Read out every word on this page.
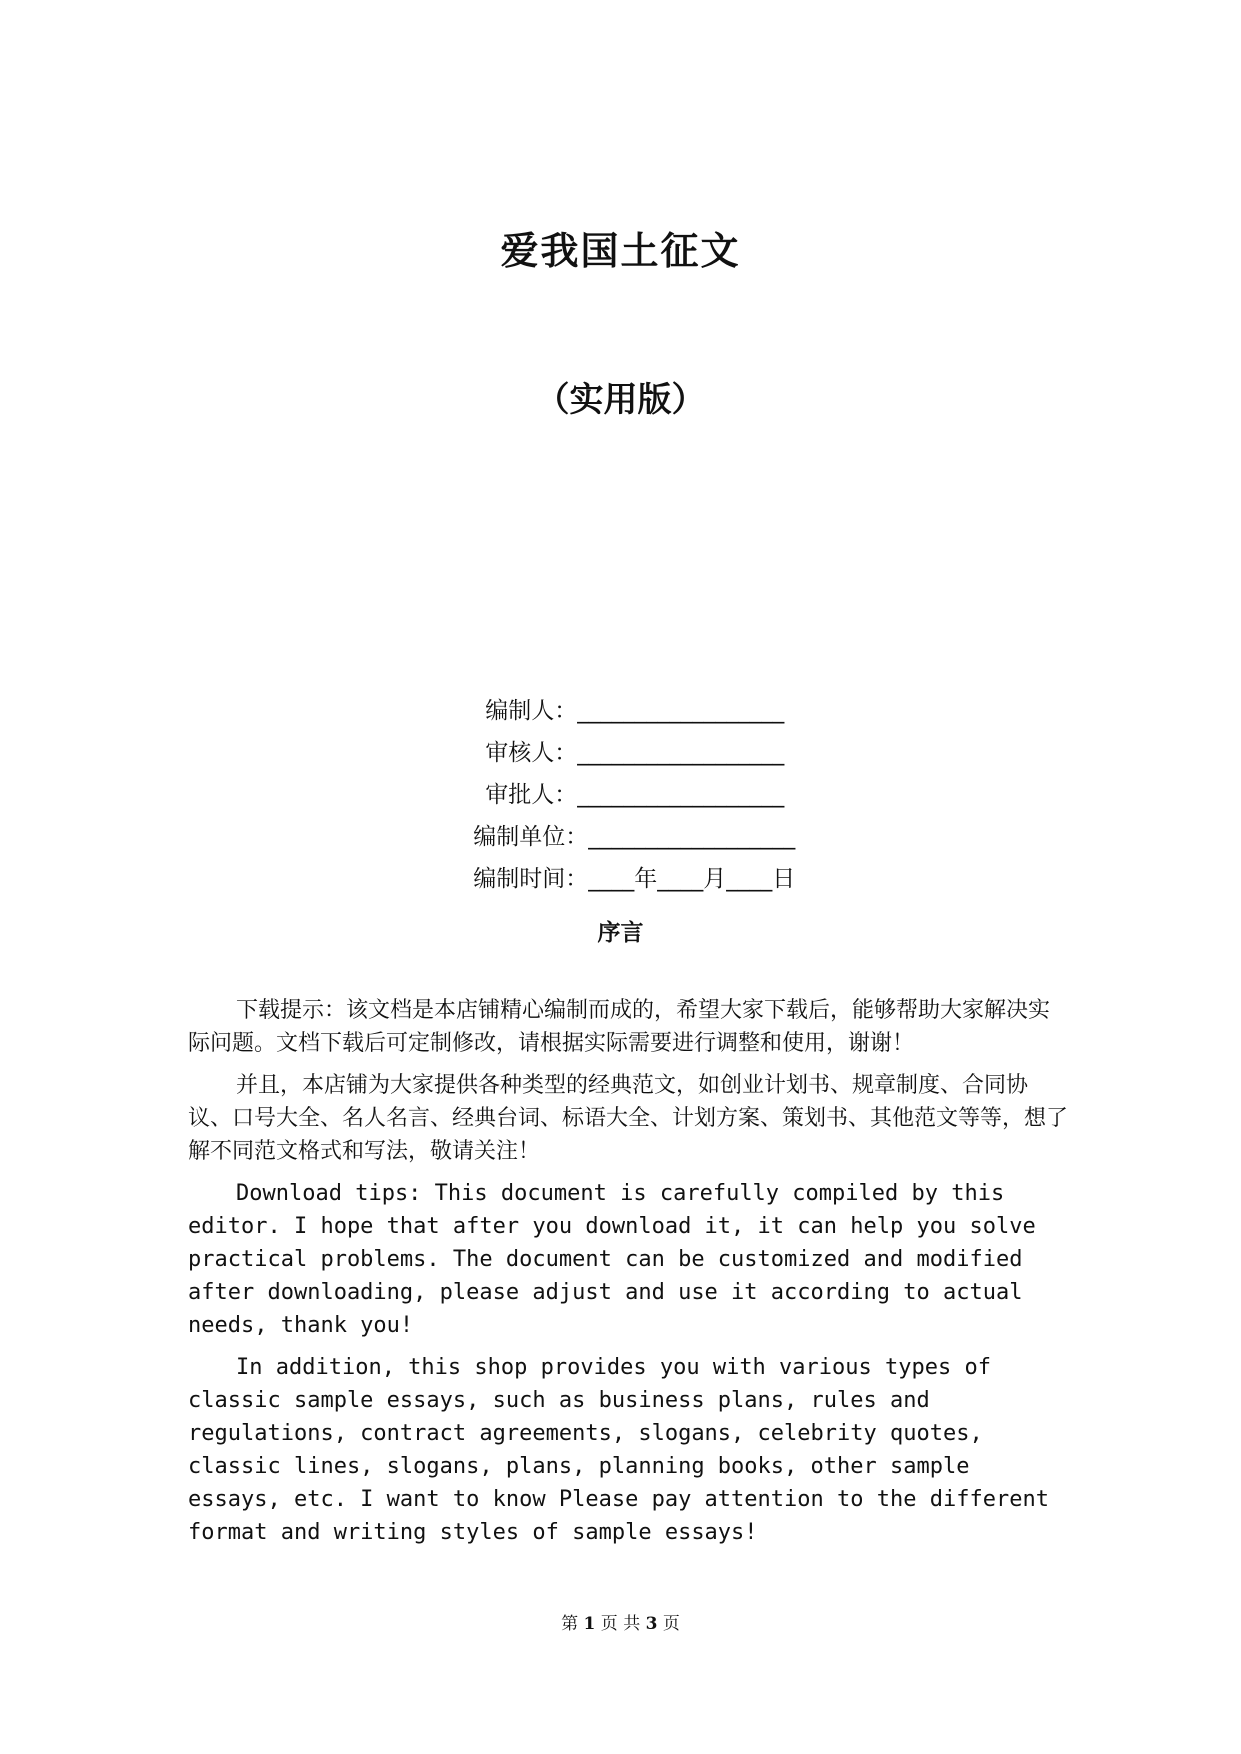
爱我国土征文
（实用版）

编制人：__________________

审核人：__________________

审批人：__________________

编制单位：__________________

编制时间：____年____月____日

序言

下载提示：该文档是本店铺精心编制而成的，希望大家下载后，能够帮助大家解决实际问题。文档下载后可定制修改，请根据实际需要进行调整和使用，谢谢！

并且，本店铺为大家提供各种类型的经典范文，如创业计划书、规章制度、合同协议、口号大全、名人名言、经典台词、标语大全、计划方案、策划书、其他范文等等，想了解不同范文格式和写法，敬请关注！

Download tips: This document is carefully compiled by this editor. I hope that after you download it, it can help you solve practical problems. The document can be customized and modified after downloading, please adjust and use it according to actual needs, thank you!

In addition, this shop provides you with various types of classic sample essays, such as business plans, rules and regulations, contract agreements, slogans, celebrity quotes, classic lines, slogans, plans, planning books, other sample essays, etc. I want to know Please pay attention to the different format and writing styles of sample essays!

第 1 页 共 3 页
